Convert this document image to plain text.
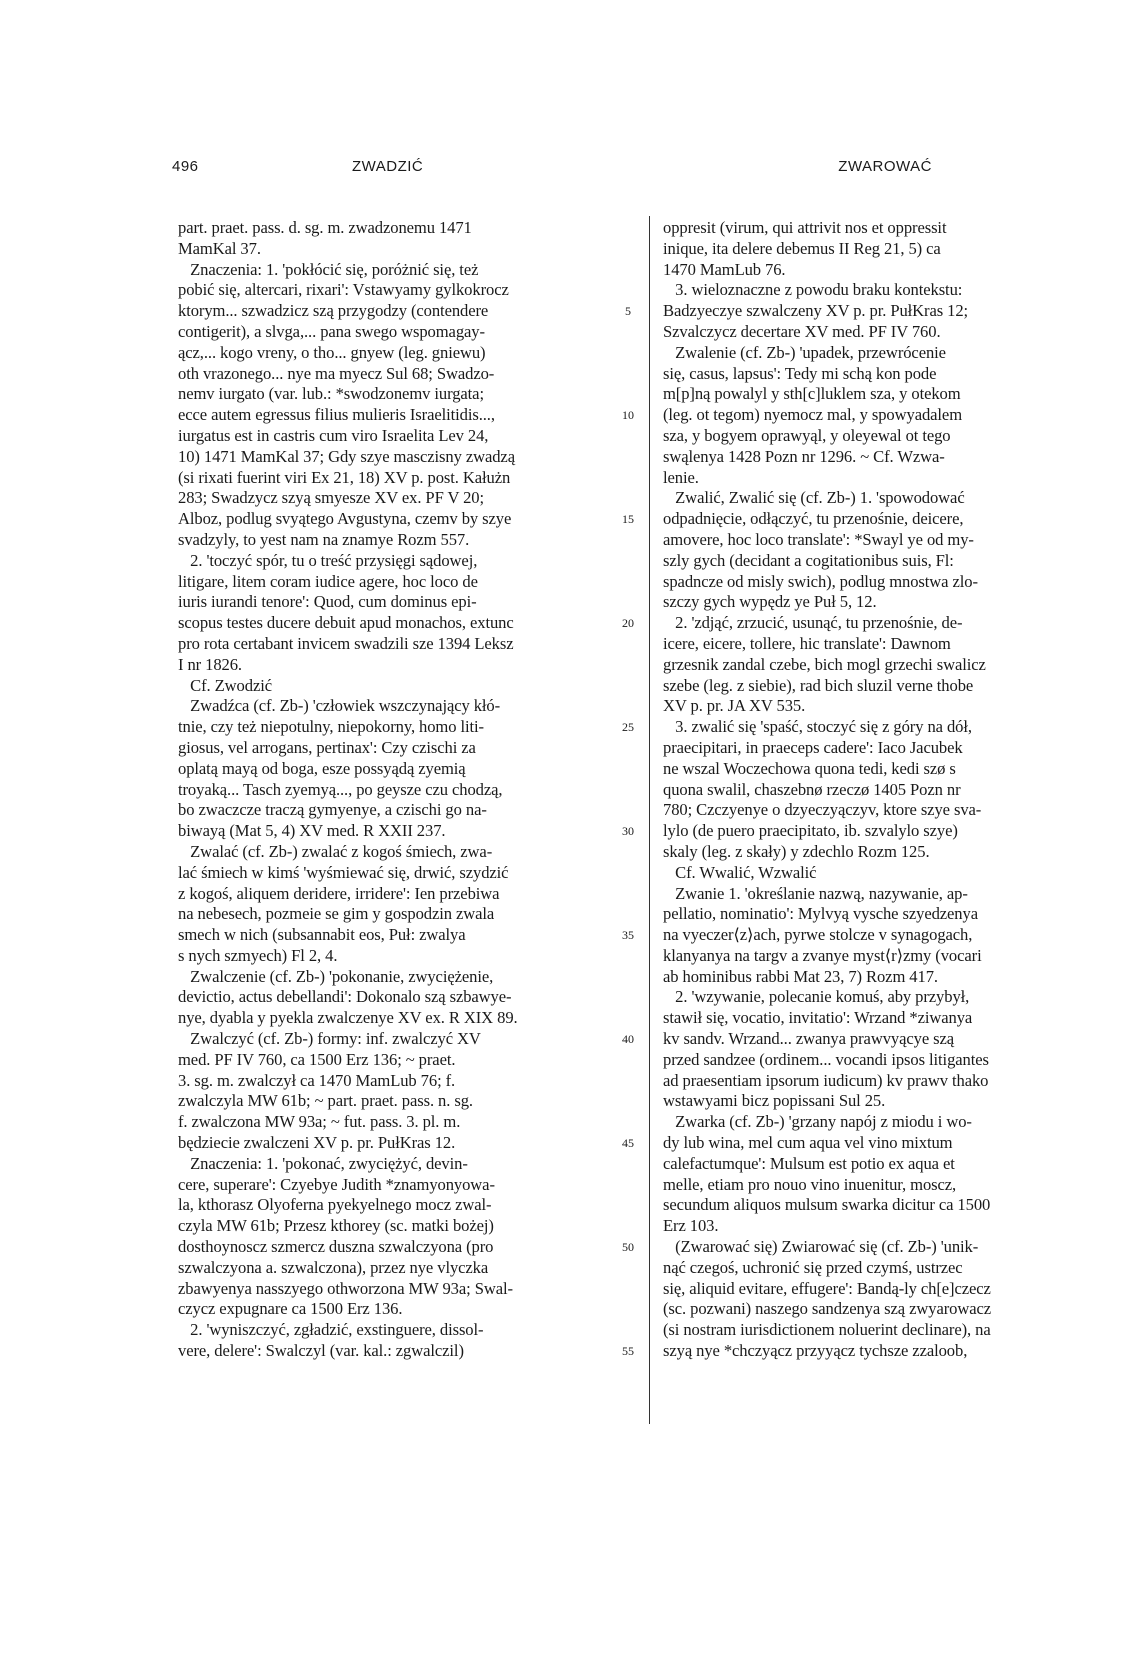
496	ZWADZIĆ	ZWAROWAĆ
part. praet. pass. d. sg. m. zwadzonemu 1471
MamKal 37.
Znaczenia: 1. 'pokłócić się, poróżnić się, też
pobić się, altercari, rixari': Vstawyamy gylkokrocz
ktorym... szwadzicz szą przygodzy (contendere
contigerit), a slvga,... pana swego wspomagay-
ącz,... kogo vreny, o tho... gnyew (leg. gniewu)
oth vrazonego... nye ma myecz Sul 68; Swadzo-
nemv iurgato (var. lub.: *swodzonemv iurgata;
ecce autem egressus filius mulieris Israelitidis...,
iurgatus est in castris cum viro Israelita Lev 24,
10) 1471 MamKal 37; Gdy szye masczisny zwadzą
(si rixati fuerint viri Ex 21, 18) XV p. post. Kałużn
283; Swadzycz szyą smyesze XV ex. PF V 20;
Alboz, podlug svyątego Avgustyna, czemv by szye
svadzyly, to yest nam na znamye Rozm 557.
2. 'toczyć spór, tu o treść przysięgi sądowej,
litigare, litem coram iudice agere, hoc loco de
iuris iurandi tenore': Quod, cum dominus epi-
scopus testes ducere debuit apud monachos, extunc
pro rota certabant invicem swadzili sze 1394 Leksz
I nr 1826.
Cf. Zwodzić
Zwadźca (cf. Zb-) 'człowiek wszczynający kłó-
tnie, czy też niepotulny, niepokorny, homo liti-
giosus, vel arrogans, pertinax': Czy czischi za
oplatą mayą od boga, esze possyądą zyemią
troyaką... Tasch zyemyą..., po geysze czu chodzą,
bo zwaczcze traczą gymyenye, a czischi go na-
biwayą (Mat 5, 4) XV med. R XXII 237.
Zwalać (cf. Zb-) zwalać z kogoś śmiech, zwa-
lać śmiech w kimś 'wyśmiewać się, drwić, szydzić
z kogoś, aliquem deridere, irridere': Ien przebiwa
na nebesech, pozmeie se gim y gospodzin zwala
smech w nich (subsannabit eos, Puł: zwalya
s nych szmyech) Fl 2, 4.
Zwalczenie (cf. Zb-) 'pokonanie, zwycięże​nie,
devictio, actus debellandi': Dokonalo szą szbawye-
nye, dyabla y pyekla zwalczenye XV ex. R XIX 89.
Zwalczyć (cf. Zb-) formy: inf. zwalczyć XV
med. PF IV 760, ca 1500 Erz 136; ~ praet.
3. sg. m. zwalczył ca 1470 MamLub 76; f.
zwalczyla MW 61b; ~ part. praet. pass. n. sg.
f. zwalczona MW 93a; ~ fut. pass. 3. pl. m.
będziecie zwalczeni XV p. pr. PułKras 12.
Znaczenia: 1. 'pokonać, zwyciężyć, devin-
cere, superare': Czyebye Judith *znamyonyowa-
la, kthorasz Olyoferna pyekyelnego mocz zwal-
czyla MW 61b; Przesz kthorey (sc. matki bożej)
dosthoynoscz szmercz duszna szwalczyona (pro
szwalczyona a. szwalczona), przez nye vlyczka
zbawyenya nasszyego othworzona MW 93a; Swal-
czycz expugnare ca 1500 Erz 136.
2. 'wyniszczyć, zgładzić, exstinguere, dissol-
vere, delere': Swalczyl (var. kal.: zgwalczil)
5
10
15
20
25
30
35
40
45
50
55
oppresit (virum, qui attrivit nos et oppressit
inique, ita delere debemus II Reg 21, 5) ca
1470 MamLub 76.
3. wieloznaczne z powodu braku kontekstu:
Badzyeczye szwalczeny XV p. pr. PułKras 12;
Szvalczycz decertare XV med. PF IV 760.
Zwalenie (cf. Zb-) 'upadek, przewrócenie
się, casus, lapsus': Tedy mi schą kon pode
m[p]ną powalyl y sth[c]luklem sza, y otekom
(leg. ot tegom) nyemocz mal, y spowyadalem
sza, y bogyem oprawyąl, y oleyewal ot tego
swąlenya 1428 Pozn nr 1296. ~ Cf. Wzwa-
lenie.
Zwalić, Zwalić się (cf. Zb-) 1. 'spowodować
odpadnięcie, odłączyć, tu przenośnie, deicere,
amovere, hoc loco translate': *Swayl ye od my-
szly gych (decidant a cogitationibus suis, Fl:
spadncze od misly swich), podlug mnostwa zlo-
szczy gych wypędz ye Puł 5, 12.
2. 'zdjąć, zrzucić, usunąć, tu przenośnie, de-
icere, eicere, tollere, hic translate': Dawnom
grzesnik zandal czebe, bich mogl grzechi swalicz
szebe (leg. z siebie), rad bich sluzil verne thobe
XV p. pr. JA XV 535.
3. zwalić się 'spaść, stoczyć się z góry na dół,
praecipitari, in praeceps cadere': Iaco Jacubek
ne wszal Woczechowa quona tedi, kedi szø s
quona swalil, chaszebnø rzeczø 1405 Pozn nr
780; Czczyenye o dzyeczyączyv, ktore szye sva-
lylo (de puero praecipitato, ib. szvalylo szye)
skaly (leg. z skały) y zdechlo Rozm 125.
Cf. Wwalić, Wzwalić
Zwanie 1. 'określanie nazwą, nazywanie, ap-
pellatio, nominatio': Mylvyą vysche szyedzenya
na vyeczer⟨z⟩ach, pyrwe stolcze v synagogach,
klanyanya na targv a zvanye myst⟨r⟩zmy (vocari
ab hominibus rabbi Mat 23, 7) Rozm 417.
2. 'wzywanie, polecanie komuś, aby przybył,
stawił się, vocatio, invitatio': Wrzand *ziwanya
kv sandv. Wrzand... zwanya prawvyącye szą
przed sandzee (ordinem... vocandi ipsos litigantes
ad praesentiam ipsorum iudicum) kv prawv thako
wstawyami bicz popissani Sul 25.
Zwarka (cf. Zb-) 'grzany napój z miodu i wo-
dy lub wina, mel cum aqua vel vino mixtum
calefactumque': Mulsum est potio ex aqua et
melle, etiam pro nouo vino inuenitur, moscz,
secundum aliquos mulsum swarka dicitur ca 1500
Erz 103.
(Zwarować się) Zwiarować się (cf. Zb-) 'unik-
nąć czegoś, uchronić się przed czymś, ustrzec
się, aliquid evitare, effugere': Bandą-ly ch[e]czecz
(sc. pozwani) naszego sandzenya szą zwyarowacz
(si nostram iurisdictionem noluerint declinare), na
szyą nye *chczyącz przyyącz tychsze zzaloob,
